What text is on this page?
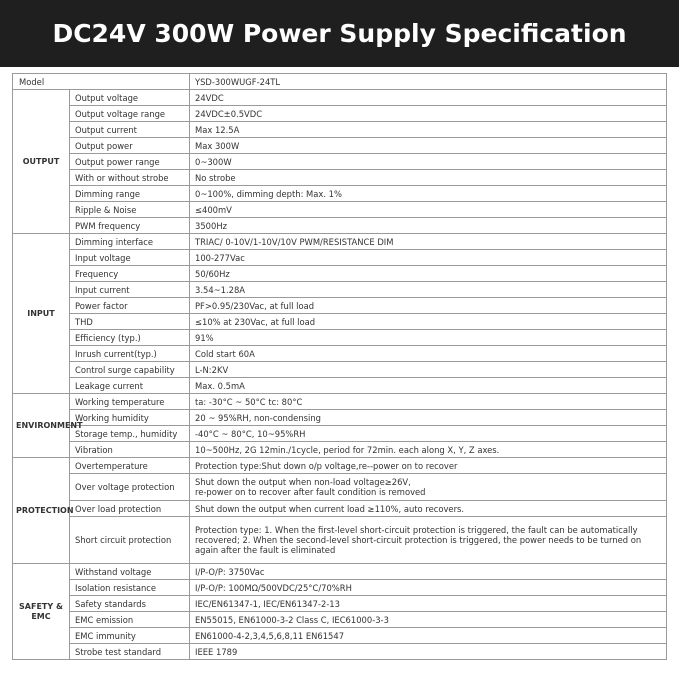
DC24V 300W Power Supply Specification
Model		YSD-300WUGF-24TL
OUTPUT	Output voltage	24VDC
	Output voltage range	24VDC±0.5VDC
	Output current	Max 12.5A
	Output power	Max 300W
	Output power range	0~300W
	With or without strobe	No strobe
	Dimming range	0~100%, dimming depth: Max. 1%
	Ripple & Noise	≤400mV
	PWM frequency	3500Hz
INPUT	Dimming interface	TRIAC/ 0-10V/1-10V/10V PWM/RESISTANCE DIM
	Input voltage	100-277Vac
	Frequency	50/60Hz
	Input current	3.54~1.28A
	Power factor	PF>0.95/230Vac, at full load
	THD	≤10% at 230Vac, at full load
	Efficiency (typ.)	91%
	Inrush current(typ.)	Cold start 60A
	Control surge capability	L-N:2KV
	Leakage current	Max. 0.5mA
ENVIRONMENT	Working temperature	ta: -30°C ~ 50°C tc: 80°C
	Working humidity	20 ~ 95%RH, non-condensing
	Storage temp., humidity	-40°C ~ 80°C, 10~95%RH
	Vibration	10~500Hz, 2G 12min./1cycle, period for 72min. each along X, Y, Z axes.
PROTECTION	Overtemperature	Protection type:Shut down o/p voltage,re--power on to recover
	Over voltage protection	Shut down the output when non-load voltage≥26V,
re-power on to recover after fault condition is removed
	Over load protection	Shut down the output when current load ≥110%, auto recovers.
	Short circuit protection	Protection type: 1. When the first-level short-circuit protection is triggered, the fault can be automatically recovered; 2. When the second-level short-circuit protection is triggered, the power needs to be turned on again after the fault is eliminated
SAFETY &
EMC	Withstand voltage	I/P-O/P: 3750Vac
	Isolation resistance	I/P-O/P: 100MΩ/500VDC/25°C/70%RH
	Safety standards	IEC/EN61347-1, IEC/EN61347-2-13
	EMC emission	EN55015, EN61000-3-2 Class C, IEC61000-3-3
	EMC immunity	EN61000-4-2,3,4,5,6,8,11 EN61547
	Strobe test standard	IEEE 1789
